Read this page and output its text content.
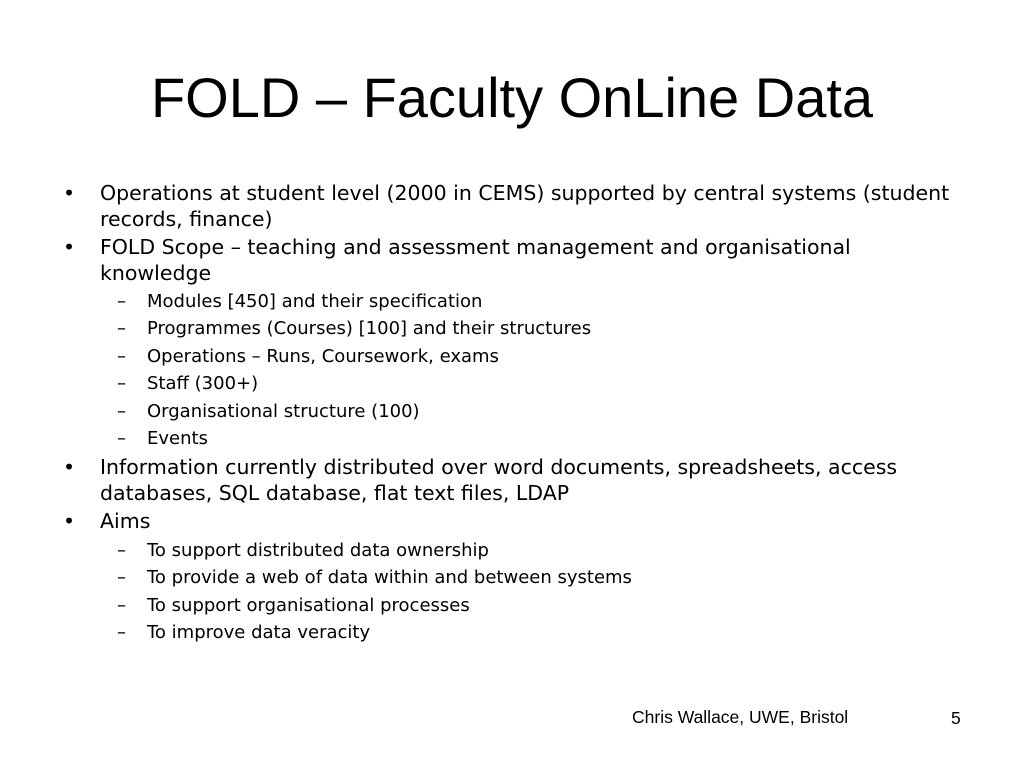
FOLD – Faculty OnLine Data
• Operations at student level (2000 in CEMS) supported by central systems (student records, finance)
• FOLD Scope – teaching and assessment management and organisational knowledge
– Modules [450] and their specification
– Programmes (Courses) [100] and their structures
– Operations – Runs, Coursework, exams
– Staff (300+)
– Organisational structure (100)
– Events
• Information currently distributed over word documents, spreadsheets, access databases, SQL database, flat text files, LDAP
• Aims
– To support distributed data ownership
– To provide a web of data within and between systems
– To support organisational processes
– To improve data veracity
Chris Wallace, UWE, Bristol	5
